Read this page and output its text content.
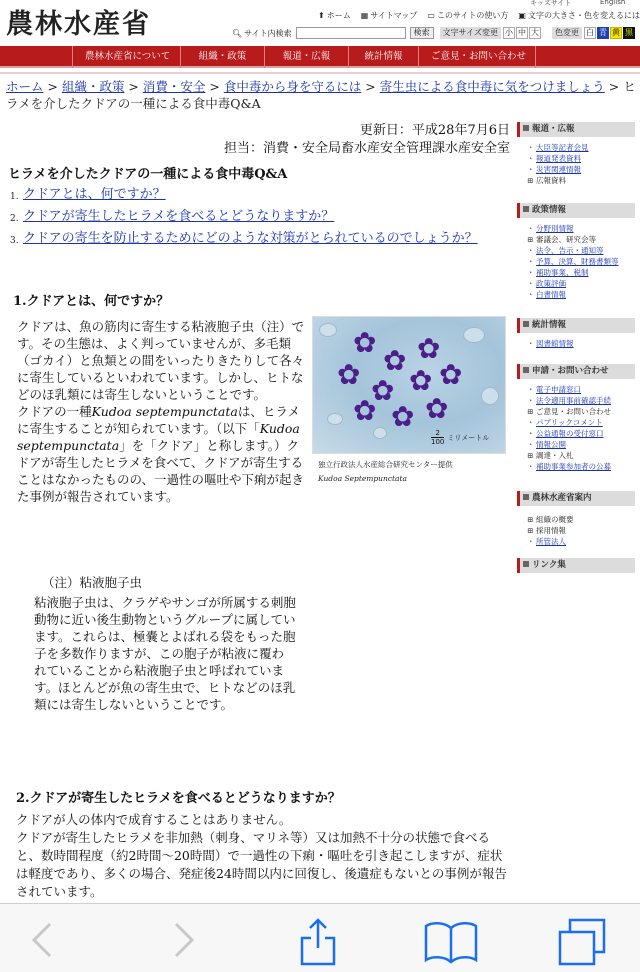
農林水産省
キッズサイト	English
⬆ ホーム ▦ サイトマップ ▭ このサイトの使い方 ▣ 文字の大きさ・色を変えるには
🔍︎ サイト内検索	検索	文字サイズ変更 小 中 大	色変更 白 青 黄 黒
農林水産省について	組織・政策	報道・広報	統計情報	ご意見・お問い合わせ
ホーム > 組織・政策 > 消費・安全 > 食中毒から身を守るには > 寄生虫による食中毒に気をつけましょう > ヒラメを介したクドアの一種による食中毒Q&A
更新日：平成28年7月6日
担当：消費・安全局畜水産安全管理課水産安全室
ヒラメを介したクドアの一種による食中毒Q&A
1. クドアとは、何ですか？
2. クドアが寄生したヒラメを食べるとどうなりますか？
3. クドアの寄生を防止するためにどのような対策がとられているのでしょうか？
1.クドアとは、何ですか？
クドアは、魚の筋肉に寄生する粘液胞子虫（注）です。その生態は、よく判っていませんが、多毛類（ゴカイ）と魚類との間をいったりきたりして各々に寄生しているといわれています。しかし、ヒトなどのほ乳類には寄生しないということです。
クドアの一種Kudoa septempunctataは、ヒラメに寄生することが知られています。（以下「Kudoa septempunctata」を「クドア」と称します。）クドアが寄生したヒラメを食べて、クドアが寄生することはなかったものの、一過性の嘔吐や下痢が起きた事例が報告されています。
✿
✿ ✿
✿ ✿ ✿ ✿
✿ ✿ ✿
$\frac{2}{100}$ ミリメートル
独立行政法人水産総合研究センター提供
Kudoa Septempunctata
（注）粘液胞子虫
粘液胞子虫は、クラゲやサンゴが所属する刺胞動物に近い後生動物というグループに属しています。これらは、極嚢とよばれる袋をもった胞子を多数作りますが、この胞子が粘液に覆われていることから粘液胞子虫と呼ばれています。ほとんどが魚の寄生虫で、ヒトなどのほ乳類には寄生しないということです。
2.クドアが寄生したヒラメを食べるとどうなりますか？
クドアが人の体内で成育することはありません。
クドアが寄生したヒラメを非加熱（刺身、マリネ等）又は加熱不十分の状態で食べると、数時間程度（約2時間〜20時間）で一過性の下痢・嘔吐を引き起こしますが、症状は軽度であり、多くの場合、発症後24時間以内に回復し、後遺症もないとの事例が報告されています。
報道・広報
・ 大臣等記者会見
・ 報道発表資料
・ 災害関連情報
⊞ 広報資料
政策情報
・ 分野別情報
⊞ 審議会、研究会等
・ 法令、告示・通知等
・ 予算、決算、財務書類等
・ 補助事業、税制
・ 政策評価
・ 白書情報
統計情報
・ 図書館情報
申請・お問い合わせ
・ 電子申請窓口
・ 法令適用事前確認手続
⊞ ご意見・お問い合わせ
・ パブリックコメント
・ 公益通報の受付窓口
・ 情報公開
⊞ 調達・入札
・ 補助事業参加者の公募
農林水産省案内
⊞ 組織の概要
⊞ 採用情報
・ 所管法人
リンク集
